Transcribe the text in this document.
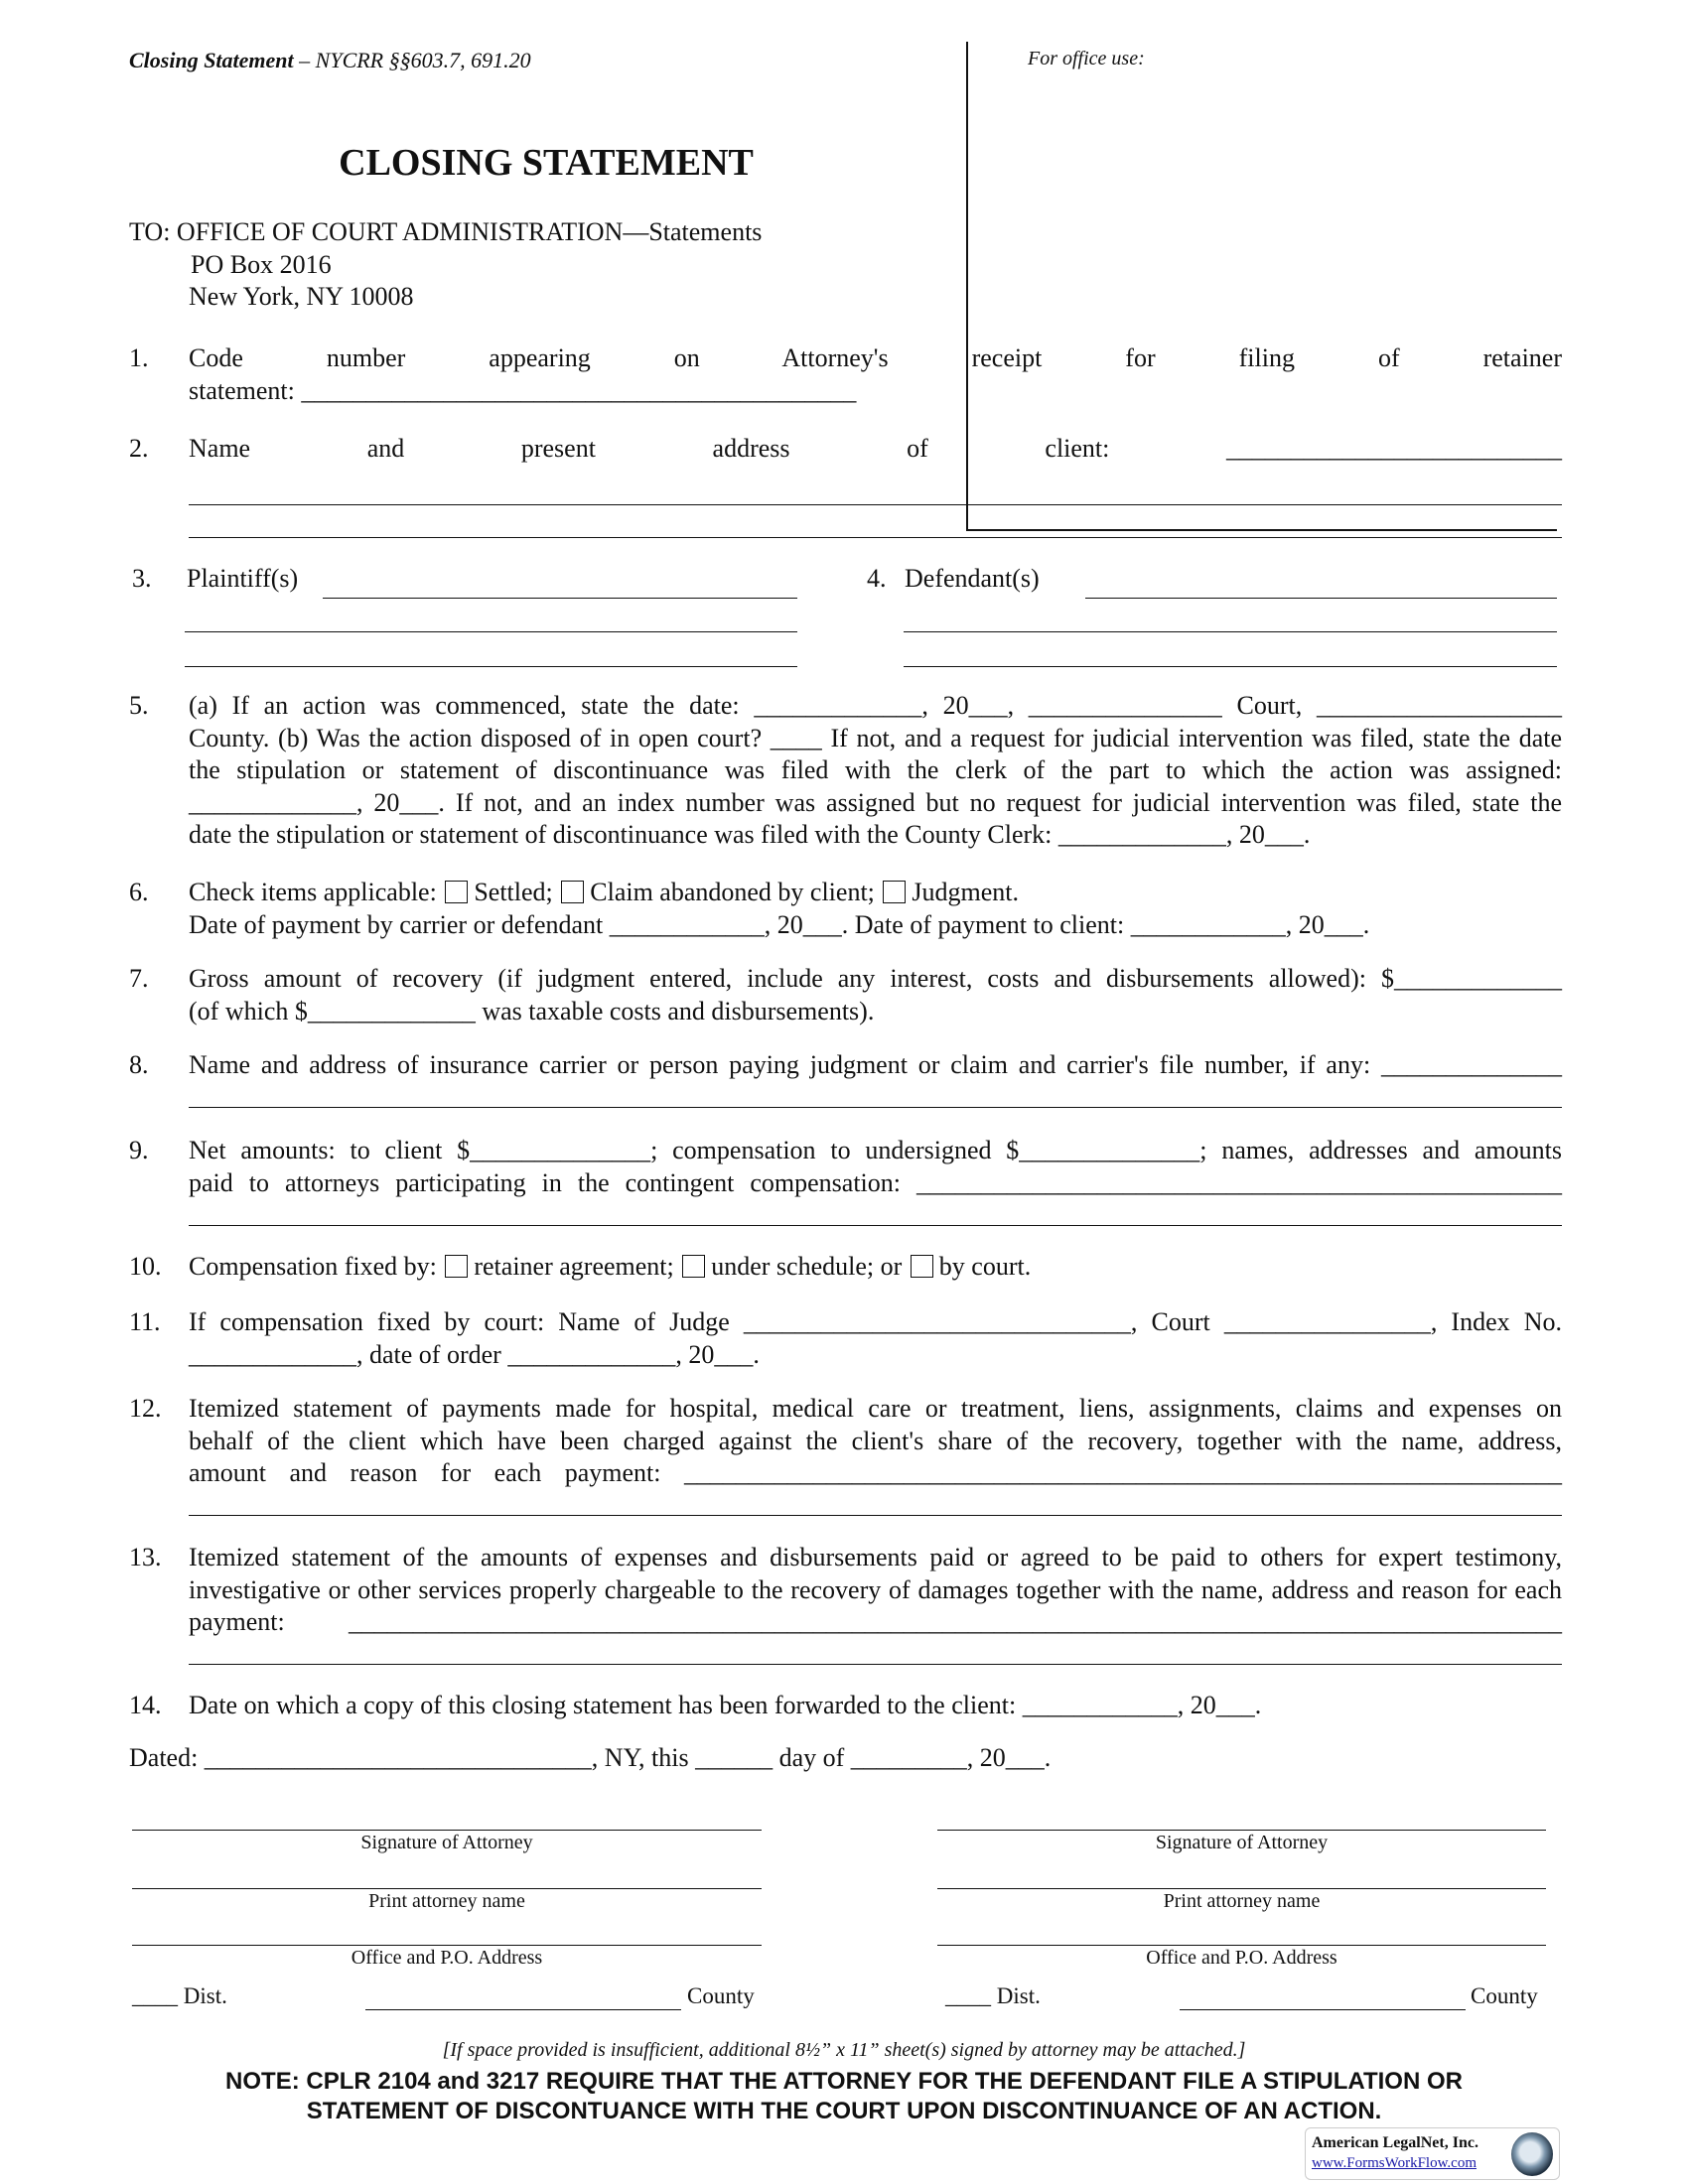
Closing Statement – NYCRR §§603.7, 691.20	For office use:
CLOSING STATEMENT
TO: OFFICE OF COURT ADMINISTRATION—Statements
PO Box 2016
New York, NY 10008
1. Code number appearing on Attorney's receipt for filing of retainer
statement: ___________________________________________
2. Name and present address of client: __________________________
5. (a) If an action was commenced, state the date: _____________, 20___, _______________ Court, ___________________
County. (b) Was the action disposed of in open court? ____ If not, and a request for judicial intervention was filed, state the date
the stipulation or statement of discontinuance was filed with the clerk of the part to which the action was assigned:
_____________, 20___. If not, and an index number was assigned but no request for judicial intervention was filed, state the
date the stipulation or statement of discontinuance was filed with the County Clerk: _____________, 20___.
7. Gross amount of recovery (if judgment entered, include any interest, costs and disbursements allowed): $_____________
(of which $_____________ was taxable costs and disbursements).
8. Name and address of insurance carrier or person paying judgment or claim and carrier's file number, if any: ______________
9. Net amounts: to client $______________; compensation to undersigned $______________; names, addresses and amounts
paid to attorneys participating in the contingent compensation: __________________________________________________
11. If compensation fixed by court: Name of Judge ______________________________, Court ________________, Index No.
_____________, date of order _____________, 20___.
12. Itemized statement of payments made for hospital, medical care or treatment, liens, assignments, claims and expenses on
behalf of the client which have been charged against the client's share of the recovery, together with the name, address,
amount and reason for each payment: ____________________________________________________________________
13. Itemized statement of the amounts of expenses and disbursements paid or agreed to be paid to others for expert testimony,
investigative or other services properly chargeable to the recovery of damages together with the name, address and reason for each
payment: ______________________________________________________________________________________________
14. Date on which a copy of this closing statement has been forwarded to the client: ____________, 20___.
3. Plaintiff(s)	4. Defendant(s)
6. Check items applicable: Settled; Claim abandoned by client; Judgment.
Date of payment by carrier or defendant ____________, 20___. Date of payment to client: ____________, 20___.
10. Compensation fixed by: retainer agreement; under schedule; or by court.
Dated: ______________________________, NY, this ______ day of _________, 20___.
Signature of Attorney
Print attorney name
Office and P.O. Address
____ Dist.	County
Signature of Attorney
Print attorney name
Office and P.O. Address
____ Dist.	County
[If space provided is insufficient, additional 8½” x 11” sheet(s) signed by attorney may be attached.]
NOTE: CPLR 2104 and 3217 REQUIRE THAT THE ATTORNEY FOR THE DEFENDANT FILE A STIPULATION OR STATEMENT OF DISCONTUANCE WITH THE COURT UPON DISCONTINUANCE OF AN ACTION.
American LegalNet, Inc.
www.FormsWorkFlow.com
